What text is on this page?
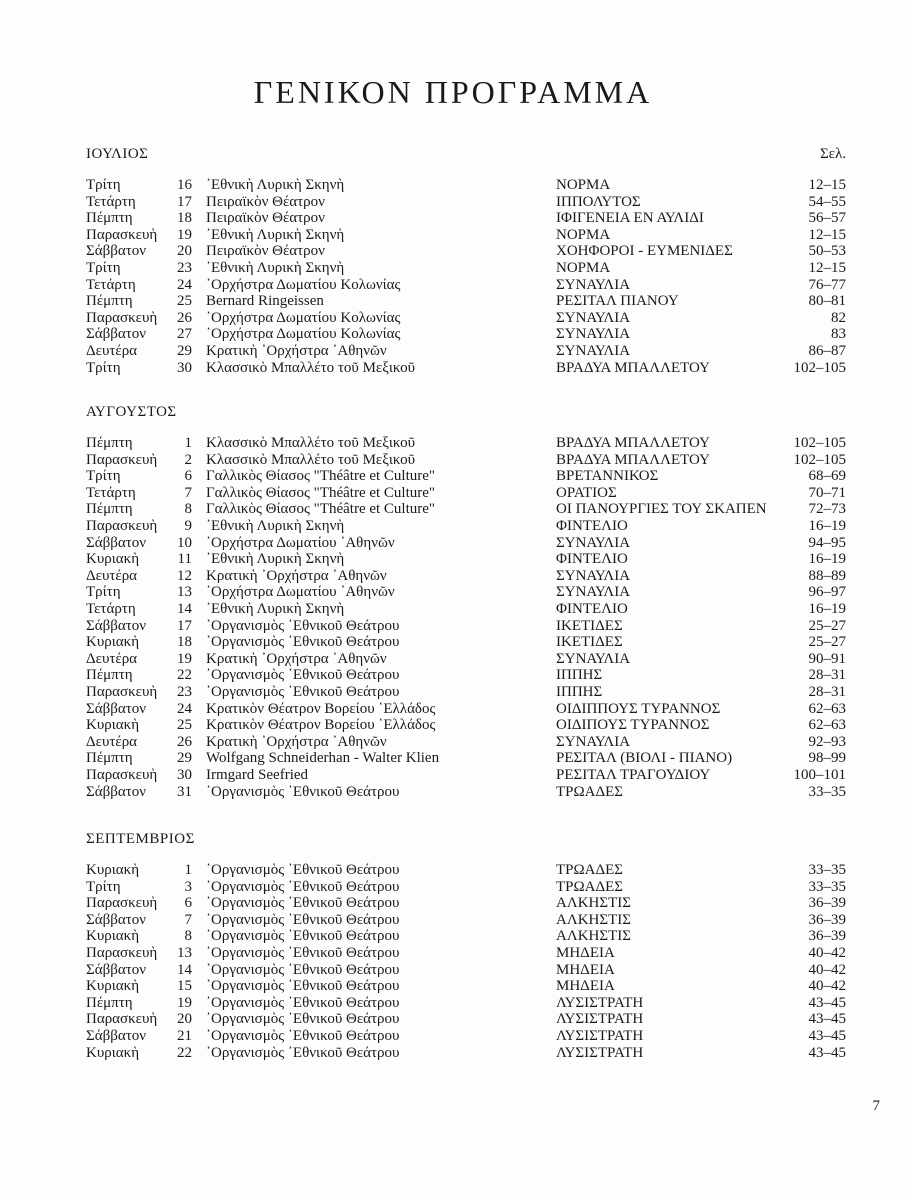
ΓΕΝΙΚΟΝ ΠΡΟΓΡΑΜΜΑ
Σελ.
ΙΟΥΛΙΟΣ
Τρίτη	16 ᾿Εθνικὴ Λυρικὴ Σκηνὴ	ΝΟΡΜΑ	12–15
Τετάρτη	17 Πειραϊκὸν Θέατρον	ΙΠΠΟΛΥΤΟΣ	54–55
Πέμπτη	18 Πειραϊκὸν Θέατρον	ΙΦΙΓΕΝΕΙΑ ΕΝ ΑΥΛΙΔΙ	56–57
Παρασκευὴ	19 ᾿Εθνικὴ Λυρικὴ Σκηνὴ	ΝΟΡΜΑ	12–15
Σάββατον	20 Πειραϊκὸν Θέατρον	ΧΟΗΦΟΡΟΙ - ΕΥΜΕΝΙΔΕΣ	50–53
Τρίτη	23 ᾿Εθνικὴ Λυρικὴ Σκηνὴ	ΝΟΡΜΑ	12–15
Τετάρτη	24 ᾿Ορχήστρα Δωματίου Κολωνίας	ΣΥΝΑΥΛΙΑ	76–77
Πέμπτη	25 Bernard Ringeissen	ΡΕΣΙΤΑΛ ΠΙΑΝΟΥ	80–81
Παρασκευὴ	26 ᾿Ορχήστρα Δωματίου Κολωνίας	ΣΥΝΑΥΛΙΑ	82
Σάββατον	27 ᾿Ορχήστρα Δωματίου Κολωνίας	ΣΥΝΑΥΛΙΑ	83
Δευτέρα	29 Κρατικὴ ᾿Ορχήστρα ᾿Αθηνῶν	ΣΥΝΑΥΛΙΑ	86–87
Τρίτη	30 Κλασσικὸ Μπαλλέτο τοῦ Μεξικοῦ	ΒΡΑΔΥΑ ΜΠΑΛΛΕΤΟΥ	102–105
ΑΥΓΟΥΣΤΟΣ
Πέμπτη	1 Κλασσικὸ Μπαλλέτο τοῦ Μεξικοῦ	ΒΡΑΔΥΑ ΜΠΑΛΛΕΤΟΥ	102–105
Παρασκευὴ	2 Κλασσικὸ Μπαλλέτο τοῦ Μεξικοῦ	ΒΡΑΔΥΑ ΜΠΑΛΛΕΤΟΥ	102–105
Τρίτη	6 Γαλλικὸς Θίασος "Théâtre et Culture"	ΒΡΕΤΑΝΝΙΚΟΣ	68–69
Τετάρτη	7 Γαλλικὸς Θίασος "Théâtre et Culture"	ΟΡΑΤΙΟΣ	70–71
Πέμπτη	8 Γαλλικὸς Θίασος "Théâtre et Culture"	ΟΙ ΠΑΝΟΥΡΓΙΕΣ ΤΟΥ ΣΚΑΠΕΝ	72–73
Παρασκευὴ	9 ᾿Εθνικὴ Λυρικὴ Σκηνὴ	ΦΙΝΤΕΛΙΟ	16–19
Σάββατον	10 ᾿Ορχήστρα Δωματίου ᾿Αθηνῶν	ΣΥΝΑΥΛΙΑ	94–95
Κυριακὴ	11 ᾿Εθνικὴ Λυρικὴ Σκηνὴ	ΦΙΝΤΕΛΙΟ	16–19
Δευτέρα	12 Κρατικὴ ᾿Ορχήστρα ᾿Αθηνῶν	ΣΥΝΑΥΛΙΑ	88–89
Τρίτη	13 ᾿Ορχήστρα Δωματίου ᾿Αθηνῶν	ΣΥΝΑΥΛΙΑ	96–97
Τετάρτη	14 ᾿Εθνικὴ Λυρικὴ Σκηνὴ	ΦΙΝΤΕΛΙΟ	16–19
Σάββατον	17 ᾿Οργανισμὸς ᾿Εθνικοῦ Θεάτρου	ΙΚΕΤΙΔΕΣ	25–27
Κυριακὴ	18 ᾿Οργανισμὸς ᾿Εθνικοῦ Θεάτρου	ΙΚΕΤΙΔΕΣ	25–27
Δευτέρα	19 Κρατικὴ ᾿Ορχήστρα ᾿Αθηνῶν	ΣΥΝΑΥΛΙΑ	90–91
Πέμπτη	22 ᾿Οργανισμὸς ᾿Εθνικοῦ Θεάτρου	ΙΠΠΗΣ	28–31
Παρασκευὴ	23 ᾿Οργανισμὸς ᾿Εθνικοῦ Θεάτρου	ΙΠΠΗΣ	28–31
Σάββατον	24 Κρατικὸν Θέατρον Βορείου ῾Ελλάδος	ΟΙΔΙΠΠΟΥΣ ΤΥΡΑΝΝΟΣ	62–63
Κυριακὴ	25 Κρατικὸν Θέατρον Βορείου ῾Ελλάδος	ΟΙΔΙΠΟΥΣ ΤΥΡΑΝΝΟΣ	62–63
Δευτέρα	26 Κρατικὴ ᾿Ορχήστρα ᾿Αθηνῶν	ΣΥΝΑΥΛΙΑ	92–93
Πέμπτη	29 Wolfgang Schneiderhan - Walter Klien	ΡΕΣΙΤΑΛ (ΒΙΟΛΙ - ΠΙΑΝΟ)	98–99
Παρασκευὴ	30 Irmgard Seefried	ΡΕΣΙΤΑΛ ΤΡΑΓΟΥΔΙΟΥ	100–101
Σάββατον	31 ᾿Οργανισμὸς ᾿Εθνικοῦ Θεάτρου	ΤΡΩΑΔΕΣ	33–35
ΣΕΠΤΕΜΒΡΙΟΣ
Κυριακὴ	1 ᾿Οργανισμὸς ᾿Εθνικοῦ Θεάτρου	ΤΡΩΑΔΕΣ	33–35
Τρίτη	3 ᾿Οργανισμὸς ᾿Εθνικοῦ Θεάτρου	ΤΡΩΑΔΕΣ	33–35
Παρασκευὴ	6 ᾿Οργανισμὸς ᾿Εθνικοῦ Θεάτρου	ΑΛΚΗΣΤΙΣ	36–39
Σάββατον	7 ᾿Οργανισμὸς ᾿Εθνικοῦ Θεάτρου	ΑΛΚΗΣΤΙΣ	36–39
Κυριακὴ	8 ᾿Οργανισμὸς ᾿Εθνικοῦ Θεάτρου	ΑΛΚΗΣΤΙΣ	36–39
Παρασκευὴ	13 ᾿Οργανισμὸς ᾿Εθνικοῦ Θεάτρου	ΜΗΔΕΙΑ	40–42
Σάββατον	14 ᾿Οργανισμὸς ᾿Εθνικοῦ Θεάτρου	ΜΗΔΕΙΑ	40–42
Κυριακὴ	15 ᾿Οργανισμὸς ᾿Εθνικοῦ Θεάτρου	ΜΗΔΕΙΑ	40–42
Πέμπτη	19 ᾿Οργανισμὸς ᾿Εθνικοῦ Θεάτρου	ΛΥΣΙΣΤΡΑΤΗ	43–45
Παρασκευὴ	20 ᾿Οργανισμὸς ᾿Εθνικοῦ Θεάτρου	ΛΥΣΙΣΤΡΑΤΗ	43–45
Σάββατον	21 ᾿Οργανισμὸς ᾿Εθνικοῦ Θεάτρου	ΛΥΣΙΣΤΡΑΤΗ	43–45
Κυριακὴ	22 ᾿Οργανισμὸς ᾿Εθνικοῦ Θεάτρου	ΛΥΣΙΣΤΡΑΤΗ	43–45
7
